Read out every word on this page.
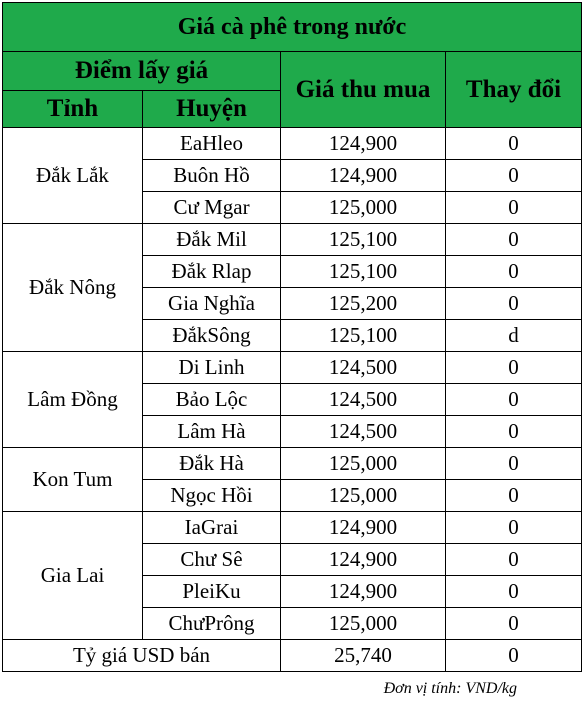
Giá cà phê trong nước			
Điểm lấy giá		Giá thu mua	Thay đổi
Tỉnh	Huyện		
Đắk Lắk	EaHleo	124,900	0
	Buôn Hồ	124,900	0
	Cư Mgar	125,000	0
Đắk Nông	Đắk Mil	125,100	0
	Đắk Rlap	125,100	0
	Gia Nghĩa	125,200	0
	ĐắkSông	125,100	d
Lâm Đồng	Di Linh	124,500	0
	Bảo Lộc	124,500	0
	Lâm Hà	124,500	0
Kon Tum	Đắk Hà	125,000	0
	Ngọc Hồi	125,000	0
Gia Lai	IaGrai	124,900	0
	Chư Sê	124,900	0
	PleiKu	124,900	0
	ChưPrông	125,000	0
Tỷ giá USD bán		25,740	0
Đơn vị tính: VND/kg
